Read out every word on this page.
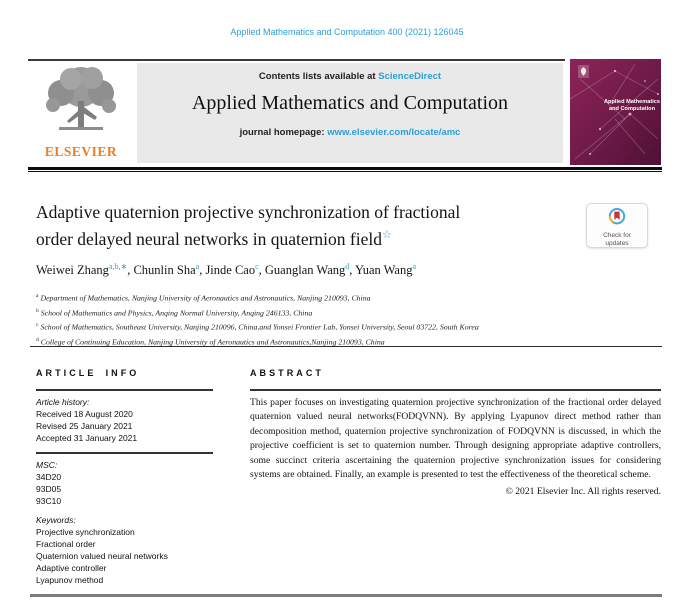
Applied Mathematics and Computation 400 (2021) 126045
ELSEVIER
Contents lists available at ScienceDirect
Applied Mathematics and Computation
journal homepage: www.elsevier.com/locate/amc
Applied Mathematics
and Computation
Adaptive quaternion projective synchronization of fractional
order delayed neural networks in quaternion field☆	Check for
updates
Weiwei Zhang$^{a,b,∗}$, Chunlin Sha$^a$, Jinde Cao$^c$, Guanglan Wang$^d$, Yuan Wang$^a$
$^a$ Department of Mathematics, Nanjing University of Aeronautics and Astronautics, Nanjing 210093, China
$^b$ School of Mathematics and Physics, Anqing Normal University, Anqing 246133, China
$^c$ School of Mathematics, Southeast University, Nanjing 210096, China,and Yonsei Frontier Lab, Yonsei University, Seoul 03722, South Korea
$^d$ College of Continuing Education, Nanjing University of Aeronautics and Astronautics,Nanjing 210093, China
ARTICLE INFO	ABSTRACT
Article history:
Received 18 August 2020
Revised 25 January 2021
Accepted 31 January 2021
MSC:
34D20
93D05
93C10
Keywords:
Projective synchronization
Fractional order
Quaternion valued neural networks
Adaptive controller
Lyapunov method
This paper focuses on investigating quaternion projective synchronization of the fractional order delayed quaternion valued neural networks(FODQVNN). By applying Lyapunov direct method rather than decomposition method, quaternion projective synchronization of FODQVNN is discussed, in which the projective coefficient is set to quaternion number. Through designing appropriate adaptive controllers, some succinct criteria ascertaining the quaternion projective synchronization issues for considering systems are obtained. Finally, an example is presented to test the effectiveness of the theoretical scheme.
© 2021 Elsevier Inc. All rights reserved.
